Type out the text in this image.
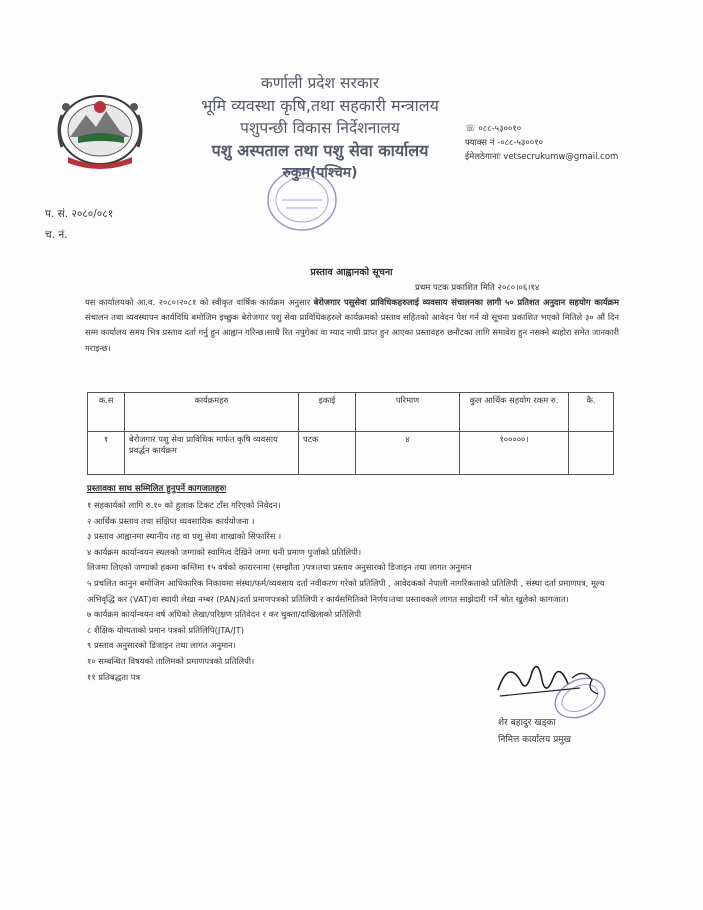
कर्णाली प्रदेश सरकार
भूमि व्यवस्था कृषि,तथा सहकारी मन्त्रालय
पशुपन्छी विकास निर्देशनालय
पशु अस्पताल तथा पशु सेवा कार्यालय
रुकुम(पश्चिम)
☏ ०८८-५३००१०
फ्याक्स नं -०८८-५३००१०
ईमेलठेगानाः vetsecrukumw@gmail.com
प. सं. २०८०/०८१
च. नं.
प्रस्ताव आह्वानको सूचना
प्रथम पटक प्रकाशित मिति २०८०।०६।१४
यस कार्यालयको आ.व. २०८०।२०८१ को स्वीकृत वार्षिक कार्यक्रम अनुसार बेरोजगार पसुसेवा प्राविधिकहरुलाई व्यवसाय संचालनका लागी ५० प्रतिशत अनुदान सहयोग कार्यक्रम संचालन तथा व्यवस्थापन कार्यविधि बमोजिम इच्छुक बेरोजगार पशु सेवा प्राविधिकहरुले कार्यक्रमको प्रस्ताव सहितको आवेदन पेश गर्न यो सूचना प्रकाशित भएको मितिले ३० औं दिन सम्म कार्यालय समय भित्र प्रस्ताव दर्ता गर्नु हुन आह्वान गरिन्छ।साथै रित नपुगेका वा म्याद नाघी प्राप्त हुन आएका प्रस्तावहरु छनौटका लागि समावेश हुन नसक्ने ब्यहोरा समेत जानकारी गराइन्छ।
क.स	कार्यक्रमहरु	इकाई	परिमाण	कुल आर्थिक सहयोग रकम रु.	कै.
१	बेरोजगार पशु सेवा प्राविधिक मार्फत कृषि व्यवसाय प्रवर्द्धन कार्यक्रम	पटक	४	१०००००।	
प्रस्तावका साथ सम्मिलित हुनुपर्ने कागजातहरुः
१ सहकार्यको लागि रु.१० को हुलाक टिकट टाँस गरिएको निवेदन।
२ आर्थिक प्रस्ताव तथा संक्षिप्त व्यवसायिक कार्ययोजना ।
३ प्रस्ताव आह्वानमा स्थानीय तह वा पशु सेवा शाखाको सिफारिस ।
४ कार्यक्रम कार्यान्वयन स्थलको जग्गाको स्वामित्व देखिने जग्गा धनी प्रमाण पुर्जाको प्रतिलिपी।
लिजमा लिएको जग्गाको हकमा कम्तिमा १५ वर्षको कारारनामा (सम्झौता )पत्र।तथा प्रस्ताव अनुसारको डिजाइन तथा लागत अनुमान
५ प्रचलित कानुन बमोजिम आधिकारिक निकायमा संस्था/फर्म/व्यवसाय दर्ता नवीकरण गरेको प्रतिलिपी , आवेदकको नेपाली नागरिकताको प्रतिलिपी , संस्था दर्ता प्रमाणपत्र, मूल्य अभिवृद्धि कर (VAT)वा स्थायी लेखा नम्बर (PAN)दर्ता प्रमाणपत्रको प्रतिलिपी र कार्यसमितिको निर्णय।तथा प्रस्तावकले लागत साझेदारी गर्ने श्रोत खुलेको कागजात।
७ कार्यक्रम कार्यान्वयन वर्ष अघिको लेखा/परिक्षण प्रतिवेदन र कर चुक्ता/दाखिलाको प्रतिलिपी
८ शैक्षिक योग्यताको प्रमान पत्रको प्रतिलिपि(JTA/JT)
९ प्रस्ताव अनुसारको डिजाइन तथा लागत अनुमान।
१० सम्बन्धित विषयको तालिमको प्रमाणपत्रको प्रतिलिपी।
११ प्रतिबद्धता पत्र
शेर बहादुर खड्का
निमित्त कार्यालय प्रमुख
